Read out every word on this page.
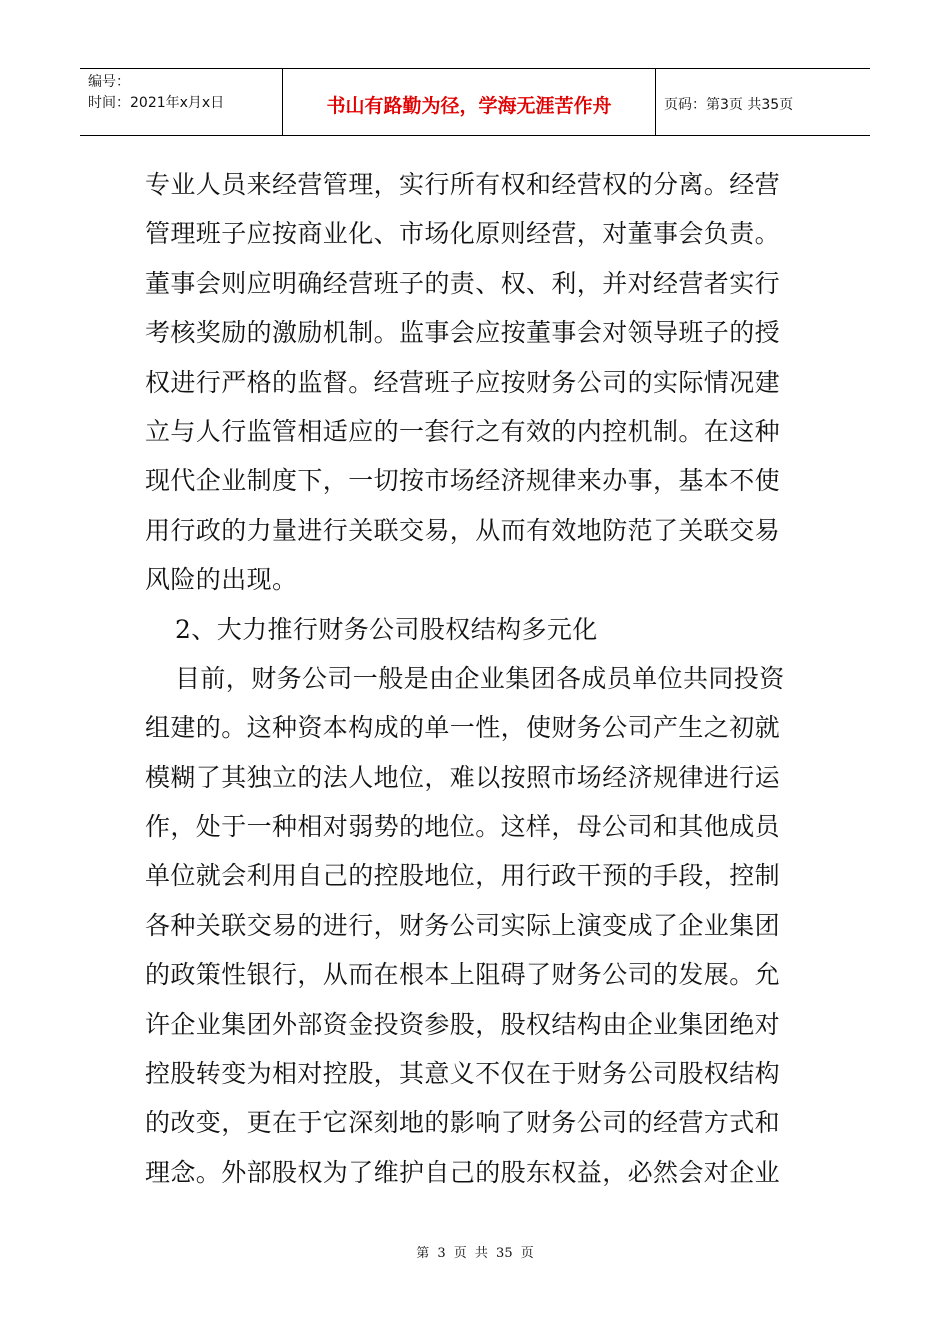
编号：
时间：2021年x月x日	书山有路勤为径，学海无涯苦作舟	页码：第3页 共35页
专业人员来经营管理，实行所有权和经营权的分离。经营
管理班子应按商业化、市场化原则经营，对董事会负责。
董事会则应明确经营班子的责、权、利，并对经营者实行
考核奖励的激励机制。监事会应按董事会对领导班子的授
权进行严格的监督。经营班子应按财务公司的实际情况建
立与人行监管相适应的一套行之有效的内控机制。在这种
现代企业制度下，一切按市场经济规律来办事，基本不使
用行政的力量进行关联交易，从而有效地防范了关联交易
风险的出现。
2、大力推行财务公司股权结构多元化
目前，财务公司一般是由企业集团各成员单位共同投资
组建的。这种资本构成的单一性，使财务公司产生之初就
模糊了其独立的法人地位，难以按照市场经济规律进行运
作，处于一种相对弱势的地位。这样，母公司和其他成员
单位就会利用自己的控股地位，用行政干预的手段，控制
各种关联交易的进行，财务公司实际上演变成了企业集团
的政策性银行，从而在根本上阻碍了财务公司的发展。允
许企业集团外部资金投资参股，股权结构由企业集团绝对
控股转变为相对控股，其意义不仅在于财务公司股权结构
的改变，更在于它深刻地的影响了财务公司的经营方式和
理念。外部股权为了维护自己的股东权益，必然会对企业
第 3 页 共 35 页
